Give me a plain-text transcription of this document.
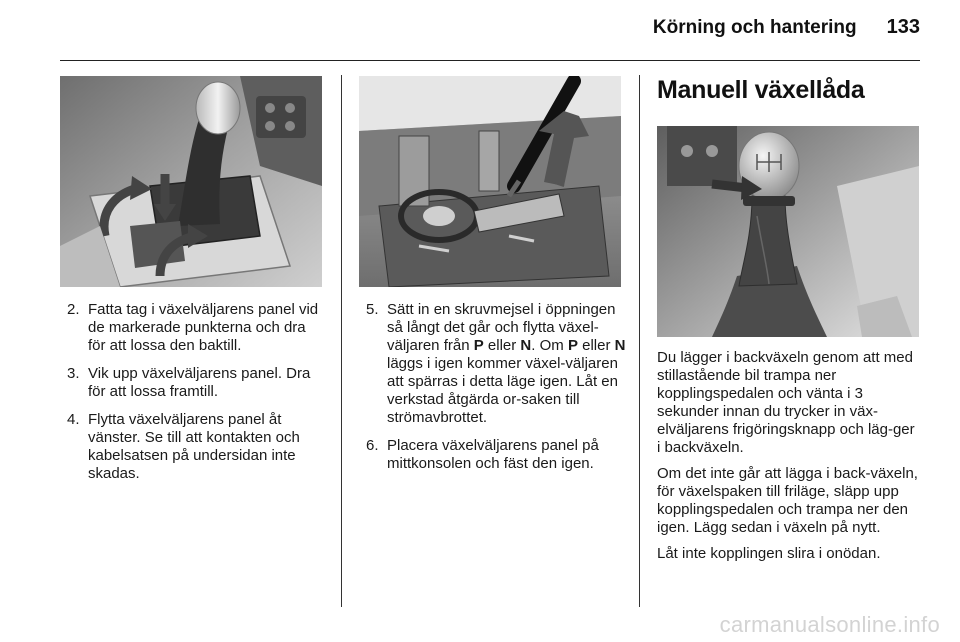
Körning och hantering 133
Manuell växellåda
2. Fatta tag i växelväljarens panel vid de markerade punkterna och dra för att lossa den baktill.
3. Vik upp växelväljarens panel. Dra för att lossa framtill.
4. Flytta växelväljarens panel åt vänster. Se till att kontakten och kabelsatsen på undersidan inte skadas.
5. Sätt in en skruvmejsel i öppningen så långt det går och flytta växel-väljaren från P eller N. Om P eller N läggs i igen kommer växel-väljaren att spärras i detta läge igen. Låt en verkstad åtgärda or-saken till strömavbrottet.
6. Placera växelväljarens panel på mittkonsolen och fäst den igen.

Du lägger i backväxeln genom att med stillastående bil trampa ner kopplingspedalen och vänta i 3 sekunder innan du trycker in väx-elväljarens frigöringsknapp och läg-ger i backväxeln.

Om det inte går att lägga i back-växeln, för växelspaken till friläge, släpp upp kopplingspedalen och trampa ner den igen. Lägg sedan i växeln på nytt.

Låt inte kopplingen slira i onödan.

carmanualsonline.info
